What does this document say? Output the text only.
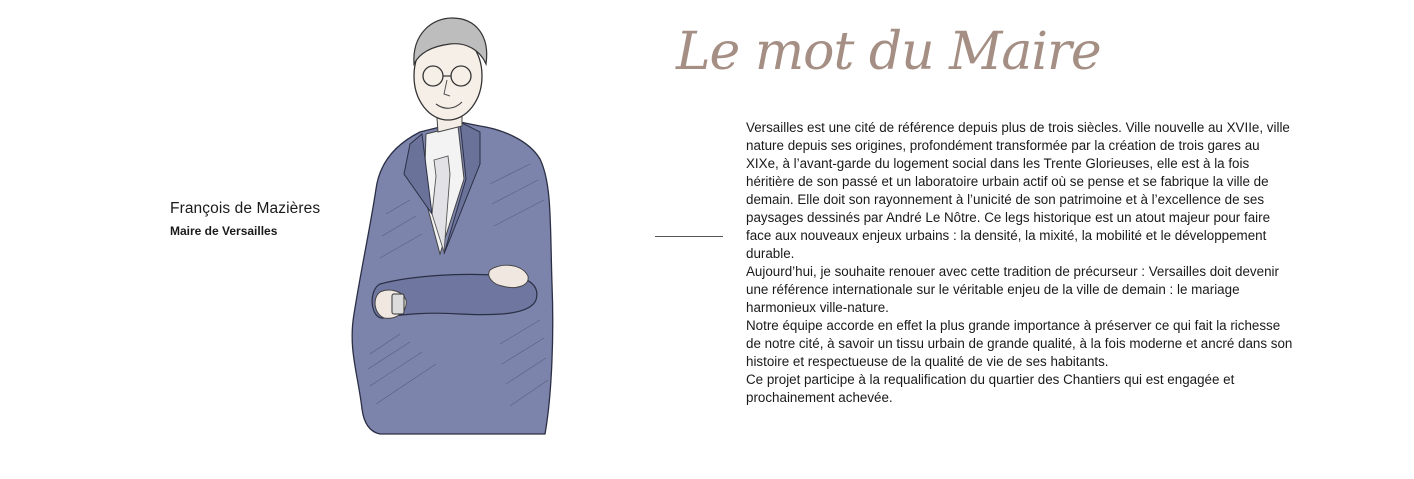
François de Mazières

Maire de Versailles

Le mot du Maire

Versailles est une cité de référence depuis plus de trois siècles. Ville nouvelle au XVIIe, ville nature depuis ses origines, profondément transformée par la création de trois gares au XIXe, à l’avant-garde du logement social dans les Trente Glorieuses, elle est à la fois héritière de son passé et un laboratoire urbain actif où se pense et se fabrique la ville de demain. Elle doit son rayonnement à l’unicité de son patrimoine et à l’excellence de ses paysages dessinés par André Le Nôtre. Ce legs historique est un atout majeur pour faire face aux nouveaux enjeux urbains : la densité, la mixité, la mobilité et le développement durable.

Aujourd’hui, je souhaite renouer avec cette tradition de précurseur : Versailles doit devenir une référence internationale sur le véritable enjeu de la ville de demain : le mariage harmonieux ville-nature.

Notre équipe accorde en effet la plus grande importance à préserver ce qui fait la richesse de notre cité, à savoir un tissu urbain de grande qualité, à la fois moderne et ancré dans son histoire et respectueuse de la qualité de vie de ses habitants.

Ce projet participe à la requalification du quartier des Chantiers qui est engagée et prochainement achevée.
